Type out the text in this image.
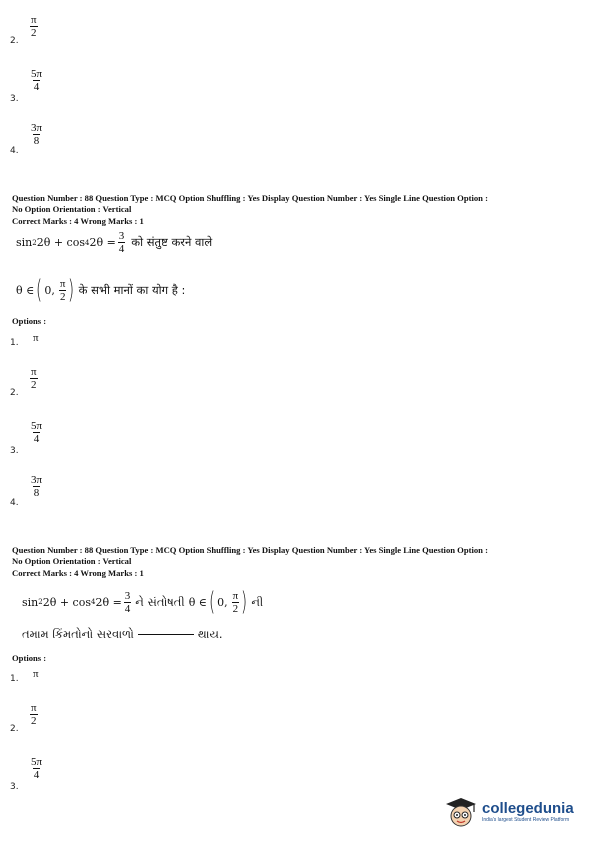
2.
$\frac{\pi}{2}$
3.
$\frac{5\pi}{4}$
4.
$\frac{3\pi}{8}$
Question Number : 88 Question Type : MCQ Option Shuffling : Yes Display Question Number : Yes Single Line Question Option :
No Option Orientation : Vertical
Correct Marks : 4 Wrong Marks : 1
sin 2 2θ + cos 4 $2\theta = \frac{3}{4}$ को संतुष्ट करने वाले
θ ∈ ( 0, $\frac{\pi}{2}$ ) के सभी मानों का योग है :
Options :
1. π
2.
$\frac{\pi}{2}$
3.
$\frac{5\pi}{4}$
4.
$\frac{3\pi}{8}$
Question Number : 88 Question Type : MCQ Option Shuffling : Yes Display Question Number : Yes Single Line Question Option :
No Option Orientation : Vertical
Correct Marks : 4 Wrong Marks : 1
sin 2 2θ + cos 4 $2\theta = \frac{3}{4}$ ને સંતોષતી θ ∈ ( 0, $\frac{\pi}{2}$ ) ની
તમામ કિંમતોનો સરવાળો	થાય.
Options :
1. π
2.
$\frac{\pi}{2}$
3.
$\frac{5\pi}{4}$
collegedunia
India's largest Student Review Platform
